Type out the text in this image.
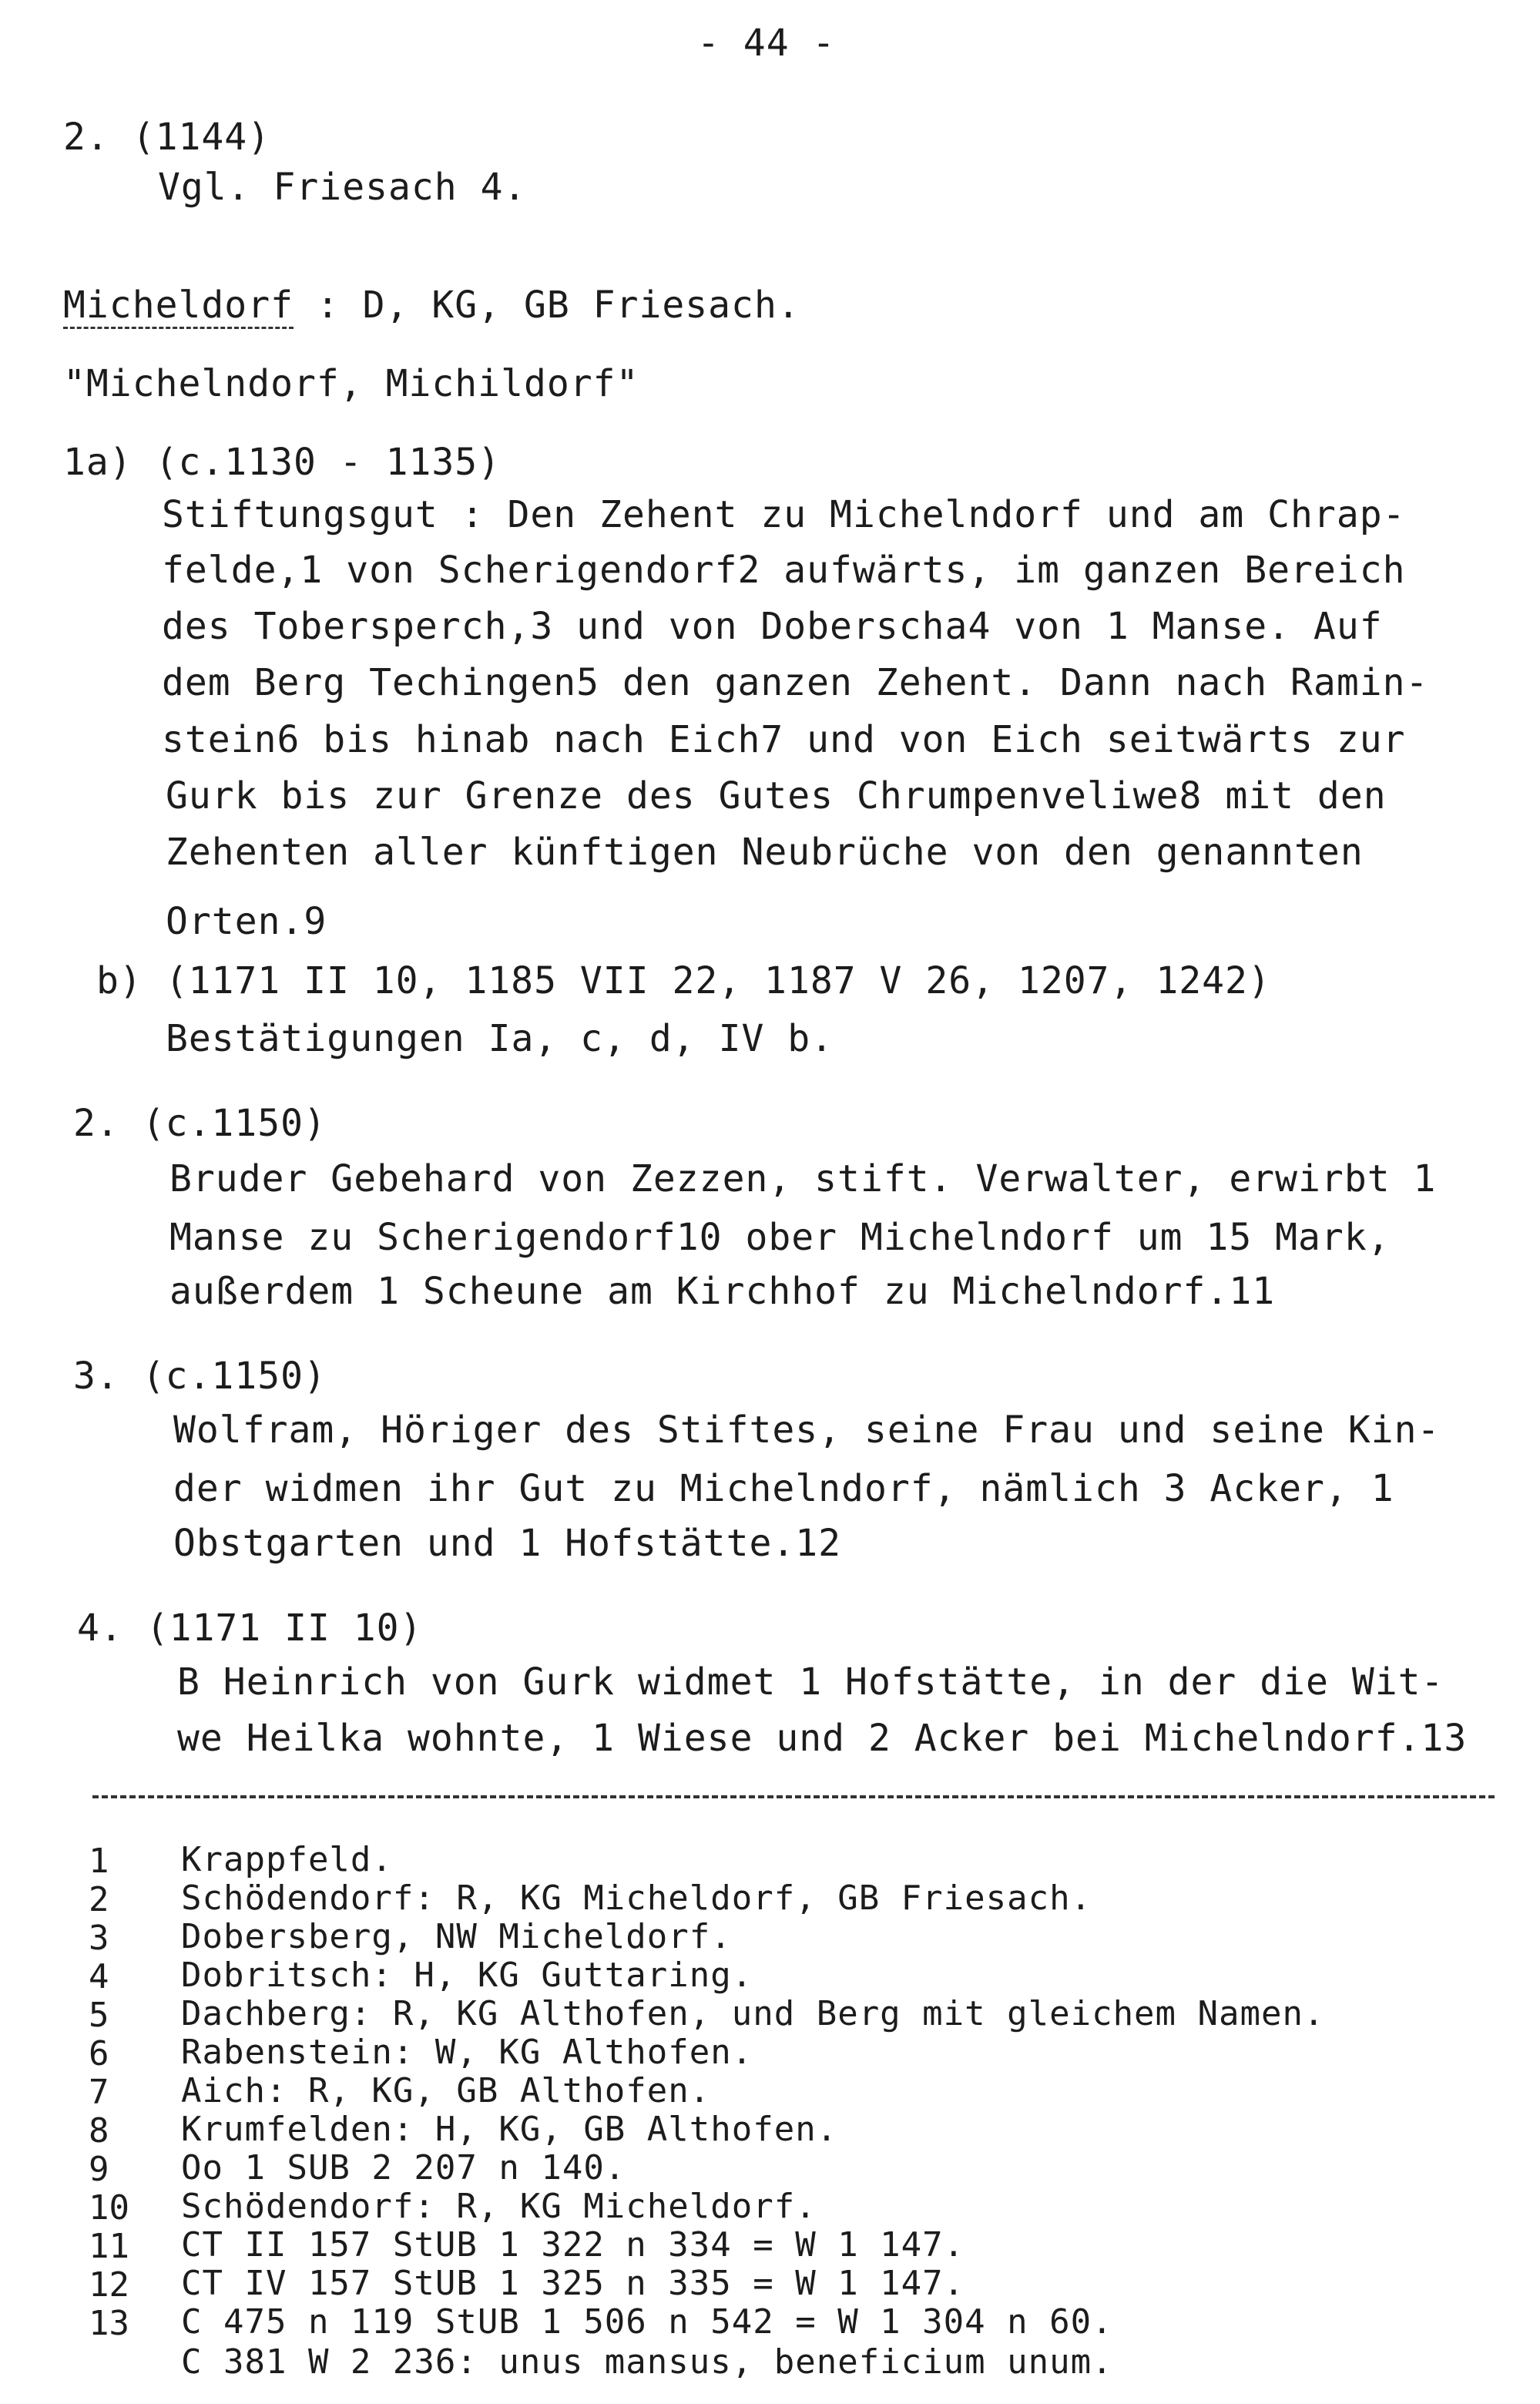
- 44 -
2. (1144)
Vgl. Friesach 4.
Micheldorf : D, KG, GB Friesach.
"Michelndorf, Michildorf"
1a) (c.1130 - 1135)
Stiftungsgut : Den Zehent zu Michelndorf und am Chrap-
felde,1 von Scherigendorf2 aufwärts, im ganzen Bereich
des Tobersperch,3 und von Doberscha4 von 1 Manse. Auf
dem Berg Techingen5 den ganzen Zehent. Dann nach Ramin-
stein6 bis hinab nach Eich7 und von Eich seitwärts zur
Gurk bis zur Grenze des Gutes Chrumpenveliwe8 mit den
Zehenten aller künftigen Neubrüche von den genannten
Orten.9
b) (1171 II 10, 1185 VII 22, 1187 V 26, 1207, 1242)
Bestätigungen Ia, c, d, IV b.
2. (c.1150)
Bruder Gebehard von Zezzen, stift. Verwalter, erwirbt 1
Manse zu Scherigendorf10 ober Michelndorf um 15 Mark,
außerdem 1 Scheune am Kirchhof zu Michelndorf.11
3. (c.1150)
Wolfram, Höriger des Stiftes, seine Frau und seine Kin-
der widmen ihr Gut zu Michelndorf, nämlich 3 Acker, 1
Obstgarten und 1 Hofstätte.12
4. (1171 II 10)
B Heinrich von Gurk widmet 1 Hofstätte, in der die Wit-
we Heilka wohnte, 1 Wiese und 2 Acker bei Michelndorf.13
1 Krappfeld.
2 Schödendorf: R, KG Micheldorf, GB Friesach.
3 Dobersberg, NW Micheldorf.
4 Dobritsch: H, KG Guttaring.
5 Dachberg: R, KG Althofen, und Berg mit gleichem Namen.
6 Rabenstein: W, KG Althofen.
7 Aich: R, KG, GB Althofen.
8 Krumfelden: H, KG, GB Althofen.
9 Oo 1 SUB 2 207 n 140.
10 Schödendorf: R, KG Micheldorf.
11 CT II 157 StUB 1 322 n 334 = W 1 147.
12 CT IV 157 StUB 1 325 n 335 = W 1 147.
13 C 475 n 119 StUB 1 506 n 542 = W 1 304 n 60.
C 381 W 2 236: unus mansus, beneficium unum.
